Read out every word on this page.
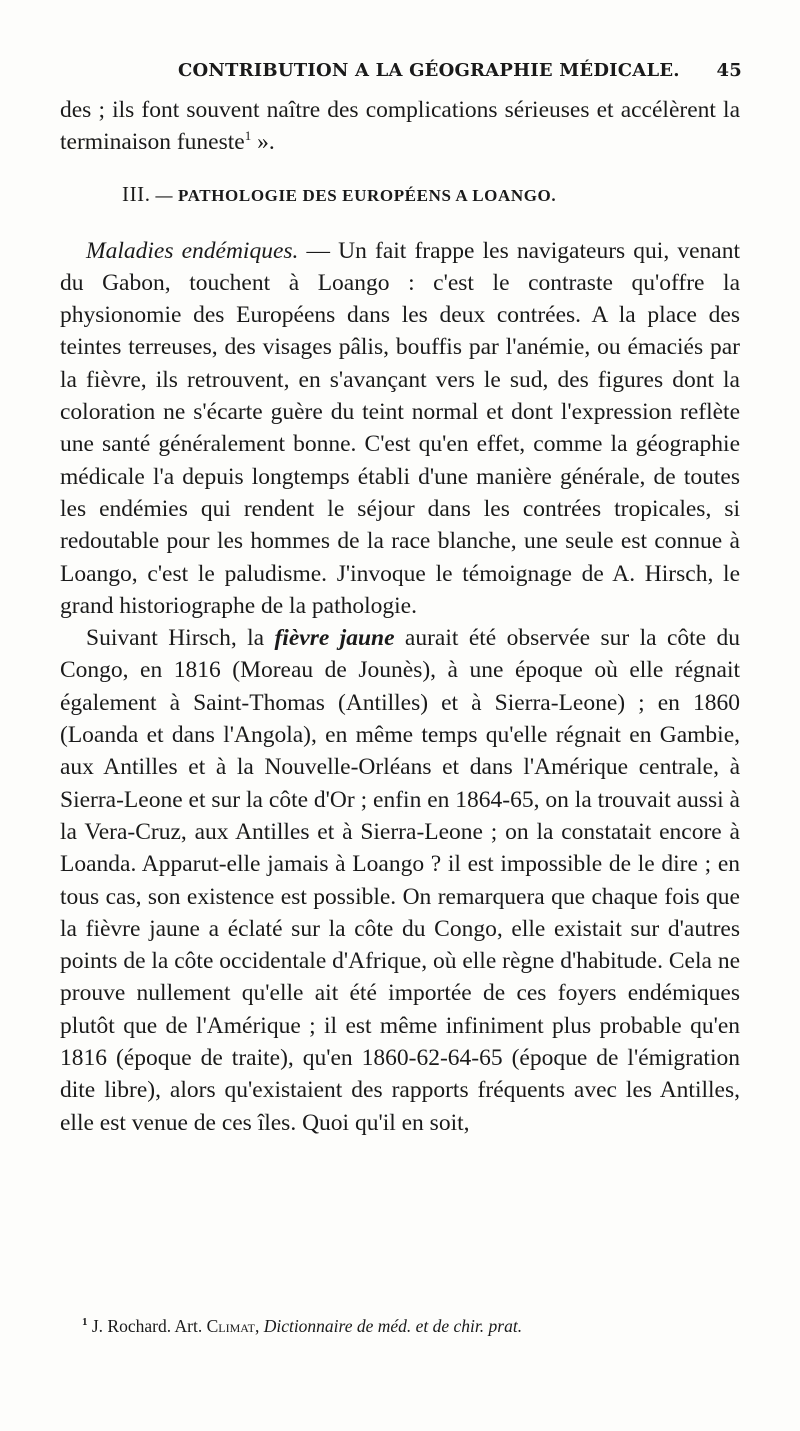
CONTRIBUTION A LA GÉOGRAPHIE MÉDICALE. 45

des ; ils font souvent naître des complications sérieuses et accélèrent la terminaison funeste$^1$ ».

III. — PATHOLOGIE DES EUROPÉENS A LOANGO.

Maladies endémiques. — Un fait frappe les navigateurs qui, venant du Gabon, touchent à Loango : c'est le contraste qu'offre la physionomie des Européens dans les deux contrées. A la place des teintes terreuses, des visages pâlis, bouffis par l'anémie, ou émaciés par la fièvre, ils retrouvent, en s'avançant vers le sud, des figures dont la coloration ne s'écarte guère du teint normal et dont l'expression reflète une santé généralement bonne. C'est qu'en effet, comme la géographie médicale l'a depuis longtemps établi d'une manière générale, de toutes les endémies qui rendent le séjour dans les contrées tropicales, si redoutable pour les hommes de la race blanche, une seule est connue à Loango, c'est le paludisme. J'invoque le témoignage de A. Hirsch, le grand historiographe de la pathologie.

Suivant Hirsch, la fièvre jaune aurait été observée sur la côte du Congo, en 1816 (Moreau de Jounès), à une époque où elle régnait également à Saint-Thomas (Antilles) et à Sierra-Leone) ; en 1860 (Loanda et dans l'Angola), en même temps qu'elle régnait en Gambie, aux Antilles et à la Nouvelle-Orléans et dans l'Amérique centrale, à Sierra-Leone et sur la côte d'Or ; enfin en 1864-65, on la trouvait aussi à la Vera-Cruz, aux Antilles et à Sierra-Leone ; on la constatait encore à Loanda. Apparut-elle jamais à Loango ? il est impossible de le dire ; en tous cas, son existence est possible. On remarquera que chaque fois que la fièvre jaune a éclaté sur la côte du Congo, elle existait sur d'autres points de la côte occidentale d'Afrique, où elle règne d'habitude. Cela ne prouve nullement qu'elle ait été importée de ces foyers endémiques plutôt que de l'Amérique ; il est même infiniment plus probable qu'en 1816 (époque de traite), qu'en 1860-62-64-65 (époque de l'émigration dite libre), alors qu'existaient des rapports fréquents avec les Antilles, elle est venue de ces îles. Quoi qu'il en soit,

$^1$ J. Rochard. Art. Climat, Dictionnaire de méd. et de chir. prat.
